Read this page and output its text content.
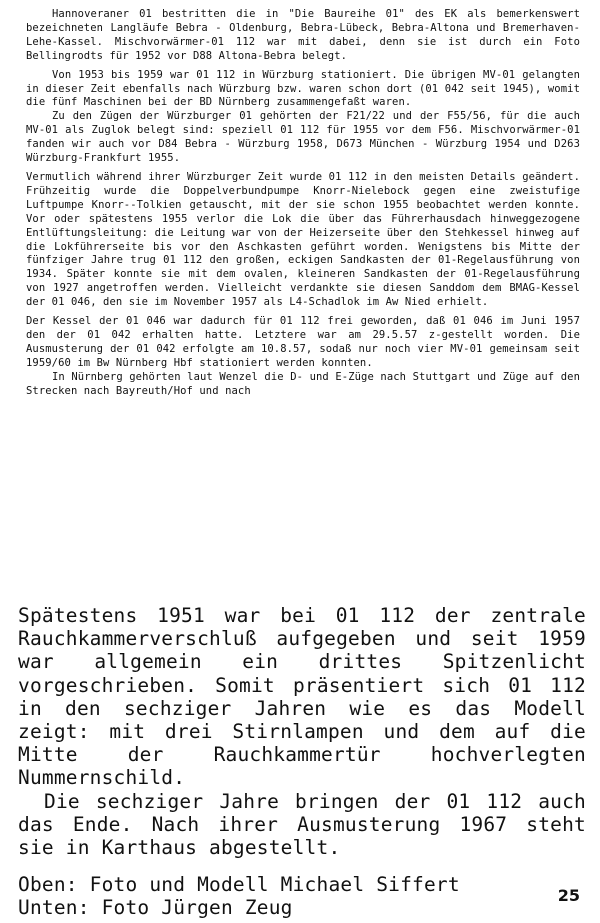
Hannoveraner 01 bestritten die in "Die Baureihe 01" des EK als bemerkenswert bezeichneten Langläufe Bebra - Oldenburg, Bebra-Lübeck, Bebra-Altona und Bremerhaven-Lehe-Kassel. Mischvorwärmer-01 112 war mit dabei, denn sie ist durch ein Foto Bellingrodts für 1952 vor D88 Altona-Bebra belegt.

Von 1953 bis 1959 war 01 112 in Würzburg stationiert. Die übrigen MV-01 gelangten in dieser Zeit ebenfalls nach Würzburg bzw. waren schon dort (01 042 seit 1945), womit die fünf Maschinen bei der BD Nürnberg zusammengefaßt waren.

Zu den Zügen der Würzburger 01 gehörten der F21/22 und der F55/56, für die auch MV-01 als Zuglok belegt sind: speziell 01 112 für 1955 vor dem F56. Mischvorwärmer-01 fanden wir auch vor D84 Bebra - Würzburg 1958, D673 München - Würzburg 1954 und D263 Würzburg-Frankfurt 1955.

Vermutlich während ihrer Würzburger Zeit wurde 01 112 in den meisten Details geändert. Frühzeitig wurde die Doppelverbundpumpe Knorr-Nielebock gegen eine zweistufige Luftpumpe Knorr--Tolkien getauscht, mit der sie schon 1955 beobachtet werden konnte. Vor oder spätestens 1955 verlor die Lok die über das Führerhausdach hinweggezogene Entlüftungsleitung: die Leitung war von der Heizerseite über den Stehkessel hinweg auf die Lokführerseite bis vor den Aschkasten geführt worden. Wenigstens bis Mitte der fünfziger Jahre trug 01 112 den großen, eckigen Sandkasten der 01-Regelausführung von 1934. Später konnte sie mit dem ovalen, kleineren Sandkasten der 01-Regelausführung von 1927 angetroffen werden. Vielleicht verdankte sie diesen Sanddom dem BMAG-Kessel der 01 046, den sie im November 1957 als L4-Schadlok im Aw Nied erhielt.

Der Kessel der 01 046 war dadurch für 01 112 frei geworden, daß 01 046 im Juni 1957 den der 01 042 erhalten hatte. Letztere war am 29.5.57 z-gestellt worden. Die Ausmusterung der 01 042 erfolgte am 10.8.57, sodaß nur noch vier MV-01 gemeinsam seit 1959/60 im Bw Nürnberg Hbf stationiert werden konnten.

In Nürnberg gehörten laut Wenzel die D- und E-Züge nach Stuttgart und Züge auf den Strecken nach Bayreuth/Hof und nach

Spätestens 1951 war bei 01 112 der zentrale Rauchkammerverschluß aufgegeben und seit 1959 war allgemein ein drittes Spitzenlicht vorgeschrieben. Somit präsentiert sich 01 112 in den sechziger Jahren wie es das Modell zeigt: mit drei Stirnlampen und dem auf die Mitte der Rauchkammertür hochverlegten Nummernschild.

Die sechziger Jahre bringen der 01 112 auch das Ende. Nach ihrer Ausmusterung 1967 steht sie in Karthaus abgestellt.

Oben: Foto und Modell Michael Siffert
Unten: Foto Jürgen Zeug
25
